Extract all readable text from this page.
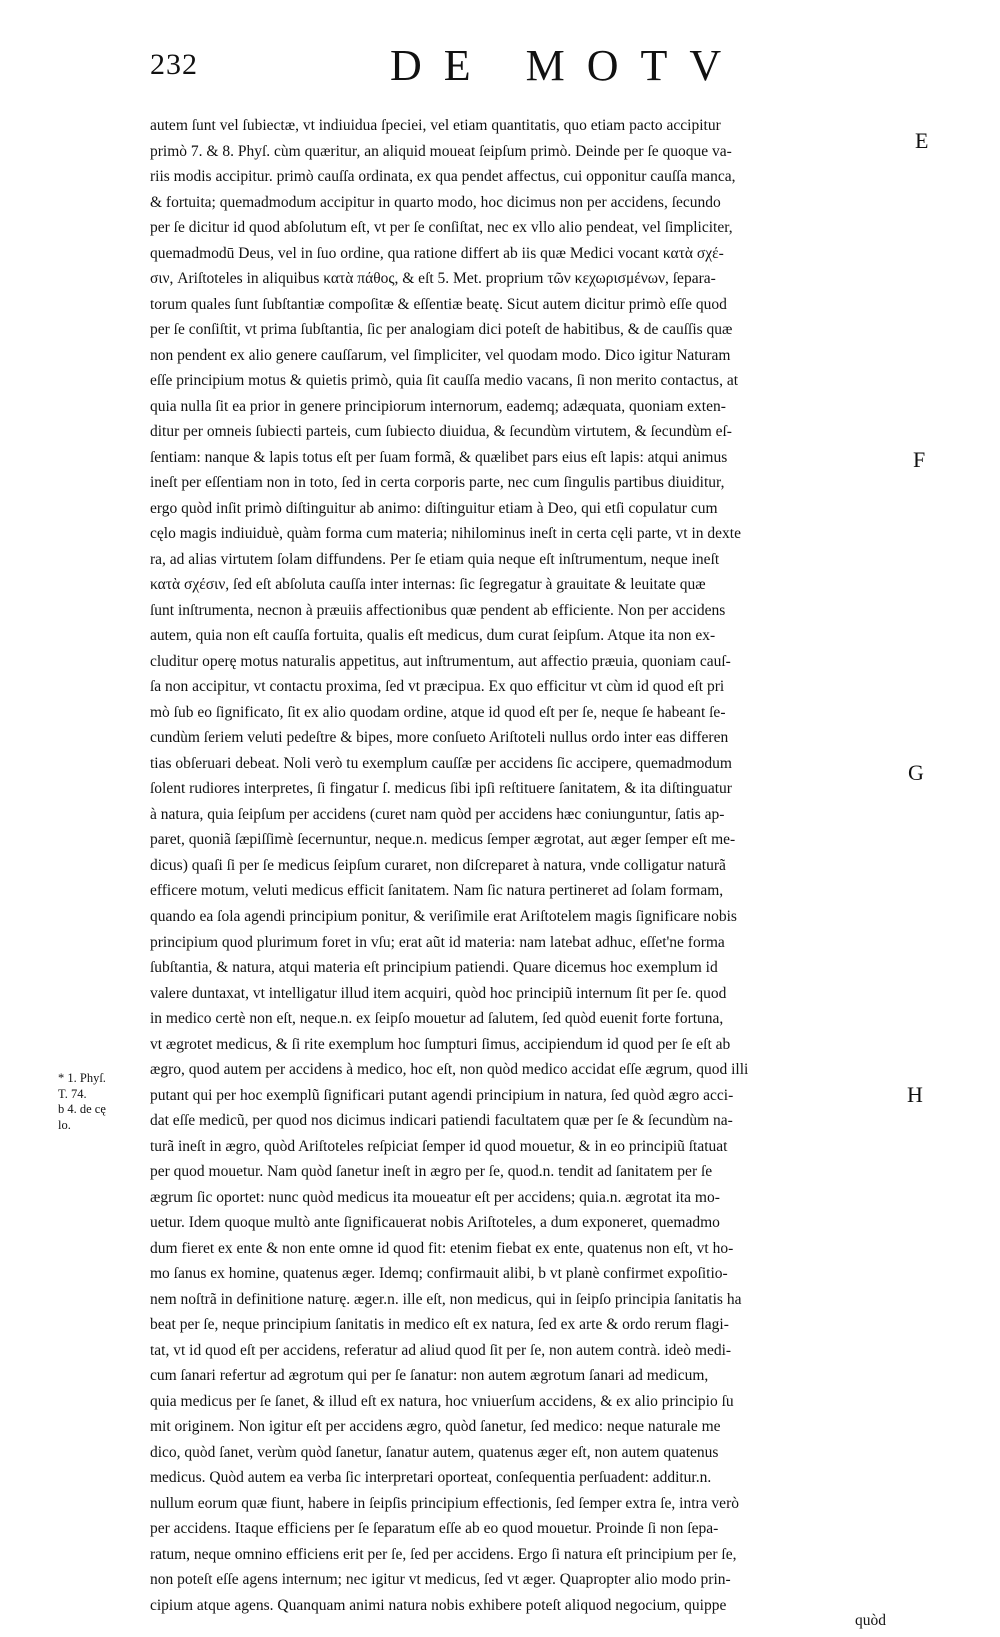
232	DE MOTV
E
F
G
H
* 1. Phyſ.
T. 74.
b 4. de cę
lo.
autem ſunt vel ſubiectæ, vt indiuidua ſpeciei, vel etiam quantitatis, quo etiam pacto accipitur
primò 7. & 8. Phyſ. cùm quæritur, an aliquid moueat ſeipſum primò. Deinde per ſe quoque va-
riis modis accipitur. primò cauſſa ordinata, ex qua pendet affectus, cui opponitur cauſſa manca,
& fortuita; quemadmodum accipitur in quarto modo, hoc dicimus non per accidens, ſecundo
per ſe dicitur id quod abſolutum eſt, vt per ſe conſiſtat, nec ex vllo alio pendeat, vel ſimpliciter,
quemadmodū Deus, vel in ſuo ordine, qua ratione differt ab iis quæ Medici vocant κατὰ σχέ-
σιν, Ariſtoteles in aliquibus κατὰ πάθος, & eſt 5. Met. proprium τῶν κεχωρισμένων, ſepara-
torum quales ſunt ſubſtantiæ compoſitæ & eſſentiæ beatę. Sicut autem dicitur primò eſſe quod
per ſe conſiſtit, vt prima ſubſtantia, ſic per analogiam dici poteſt de habitibus, & de cauſſis quæ
non pendent ex alio genere cauſſarum, vel ſimpliciter, vel quodam modo. Dico igitur Naturam
eſſe principium motus & quietis primò, quia ſit cauſſa medio vacans, ſi non merito contactus, at
quia nulla ſit ea prior in genere principiorum internorum, eademq; adæquata, quoniam exten-
ditur per omneis ſubiecti parteis, cum ſubiecto diuidua, & ſecundùm virtutem, & ſecundùm eſ-
ſentiam: nanque & lapis totus eſt per ſuam formã, & quælibet pars eius eſt lapis: atqui animus
ineſt per eſſentiam non in toto, ſed in certa corporis parte, nec cum ſingulis partibus diuiditur,
ergo quòd inſit primò diſtinguitur ab animo: diſtinguitur etiam à Deo, qui etſi copulatur cum
cęlo magis indiuiduè, quàm forma cum materia; nihilominus ineſt in certa cęli parte, vt in dexte
ra, ad alias virtutem ſolam diffundens. Per ſe etiam quia neque eſt inſtrumentum, neque ineſt
κατὰ σχέσιν, ſed eſt abſoluta cauſſa inter internas: ſic ſegregatur à grauitate & leuitate quæ
ſunt inſtrumenta, necnon à præuiis affectionibus quæ pendent ab efficiente. Non per accidens
autem, quia non eſt cauſſa fortuita, qualis eſt medicus, dum curat ſeipſum. Atque ita non ex-
cluditur operę motus naturalis appetitus, aut inſtrumentum, aut affectio præuia, quoniam cauſ-
ſa non accipitur, vt contactu proxima, ſed vt præcipua. Ex quo efficitur vt cùm id quod eſt pri
mò ſub eo ſignificato, ſit ex alio quodam ordine, atque id quod eſt per ſe, neque ſe habeant ſe-
cundùm ſeriem veluti pedeſtre & bipes, more conſueto Ariſtoteli nullus ordo inter eas differen
tias obſeruari debeat. Noli verò tu exemplum cauſſæ per accidens ſic accipere, quemadmodum
ſolent rudiores interpretes, ſi fingatur ſ. medicus ſibi ipſi reſtituere ſanitatem, & ita diſtinguatur
à natura, quia ſeipſum per accidens (curet nam quòd per accidens hæc coniunguntur, ſatis ap-
paret, quoniã ſæpiſſimè ſecernuntur, neque.n. medicus ſemper ægrotat, aut æger ſemper eſt me-
dicus) quaſi ſi per ſe medicus ſeipſum curaret, non diſcreparet à natura, vnde colligatur naturã
efficere motum, veluti medicus efficit ſanitatem. Nam ſic natura pertineret ad ſolam formam,
quando ea ſola agendi principium ponitur, & veriſimile erat Ariſtotelem magis ſignificare nobis
principium quod plurimum foret in vſu; erat aũt id materia: nam latebat adhuc, eſſet'ne forma
ſubſtantia, & natura, atqui materia eſt principium patiendi. Quare dicemus hoc exemplum id
valere duntaxat, vt intelligatur illud item acquiri, quòd hoc principiũ internum ſit per ſe. quod
in medico certè non eſt, neque.n. ex ſeipſo mouetur ad ſalutem, ſed quòd euenit forte fortuna,
vt ægrotet medicus, & ſi rite exemplum hoc ſumpturi ſimus, accipiendum id quod per ſe eſt ab
ægro, quod autem per accidens à medico, hoc eſt, non quòd medico accidat eſſe ægrum, quod illi
putant qui per hoc exemplũ ſignificari putant agendi principium in natura, ſed quòd ægro acci-
dat eſſe medicũ, per quod nos dicimus indicari patiendi facultatem quæ per ſe & ſecundùm na-
turã ineſt in ægro, quòd Ariſtoteles reſpiciat ſemper id quod mouetur, & in eo principiũ ſtatuat
per quod mouetur. Nam quòd ſanetur ineſt in ægro per ſe, quod.n. tendit ad ſanitatem per ſe
ægrum ſic oportet: nunc quòd medicus ita moueatur eſt per accidens; quia.n. ægrotat ita mo-
uetur. Idem quoque multò ante ſignificauerat nobis Ariſtoteles, a dum exponeret, quemadmo
dum fieret ex ente & non ente omne id quod fit: etenim fiebat ex ente, quatenus non eſt, vt ho-
mo ſanus ex homine, quatenus æger. Idemq; confirmauit alibi, b vt planè confirmet expoſitio-
nem noſtrã in definitione naturę. æger.n. ille eſt, non medicus, qui in ſeipſo principia ſanitatis ha
beat per ſe, neque principium ſanitatis in medico eſt ex natura, ſed ex arte & ordo rerum flagi-
tat, vt id quod eſt per accidens, referatur ad aliud quod ſit per ſe, non autem contrà. ideò medi-
cum ſanari refertur ad ægrotum qui per ſe ſanatur: non autem ægrotum ſanari ad medicum,
quia medicus per ſe ſanet, & illud eſt ex natura, hoc vniuerſum accidens, & ex alio principio ſu
mit originem. Non igitur eſt per accidens ægro, quòd ſanetur, ſed medico: neque naturale me
dico, quòd ſanet, verùm quòd ſanetur, ſanatur autem, quatenus æger eſt, non autem quatenus
medicus. Quòd autem ea verba ſic interpretari oporteat, conſequentia perſuadent: additur.n.
nullum eorum quæ fiunt, habere in ſeipſis principium effectionis, ſed ſemper extra ſe, intra verò
per accidens. Itaque efficiens per ſe ſeparatum eſſe ab eo quod mouetur. Proinde ſi non ſepa-
ratum, neque omnino efficiens erit per ſe, ſed per accidens. Ergo ſi natura eſt principium per ſe,
non poteſt eſſe agens internum; nec igitur vt medicus, ſed vt æger. Quapropter alio modo prin-
cipium atque agens. Quanquam animi natura nobis exhibere poteſt aliquod negocium, quippe
quòd
